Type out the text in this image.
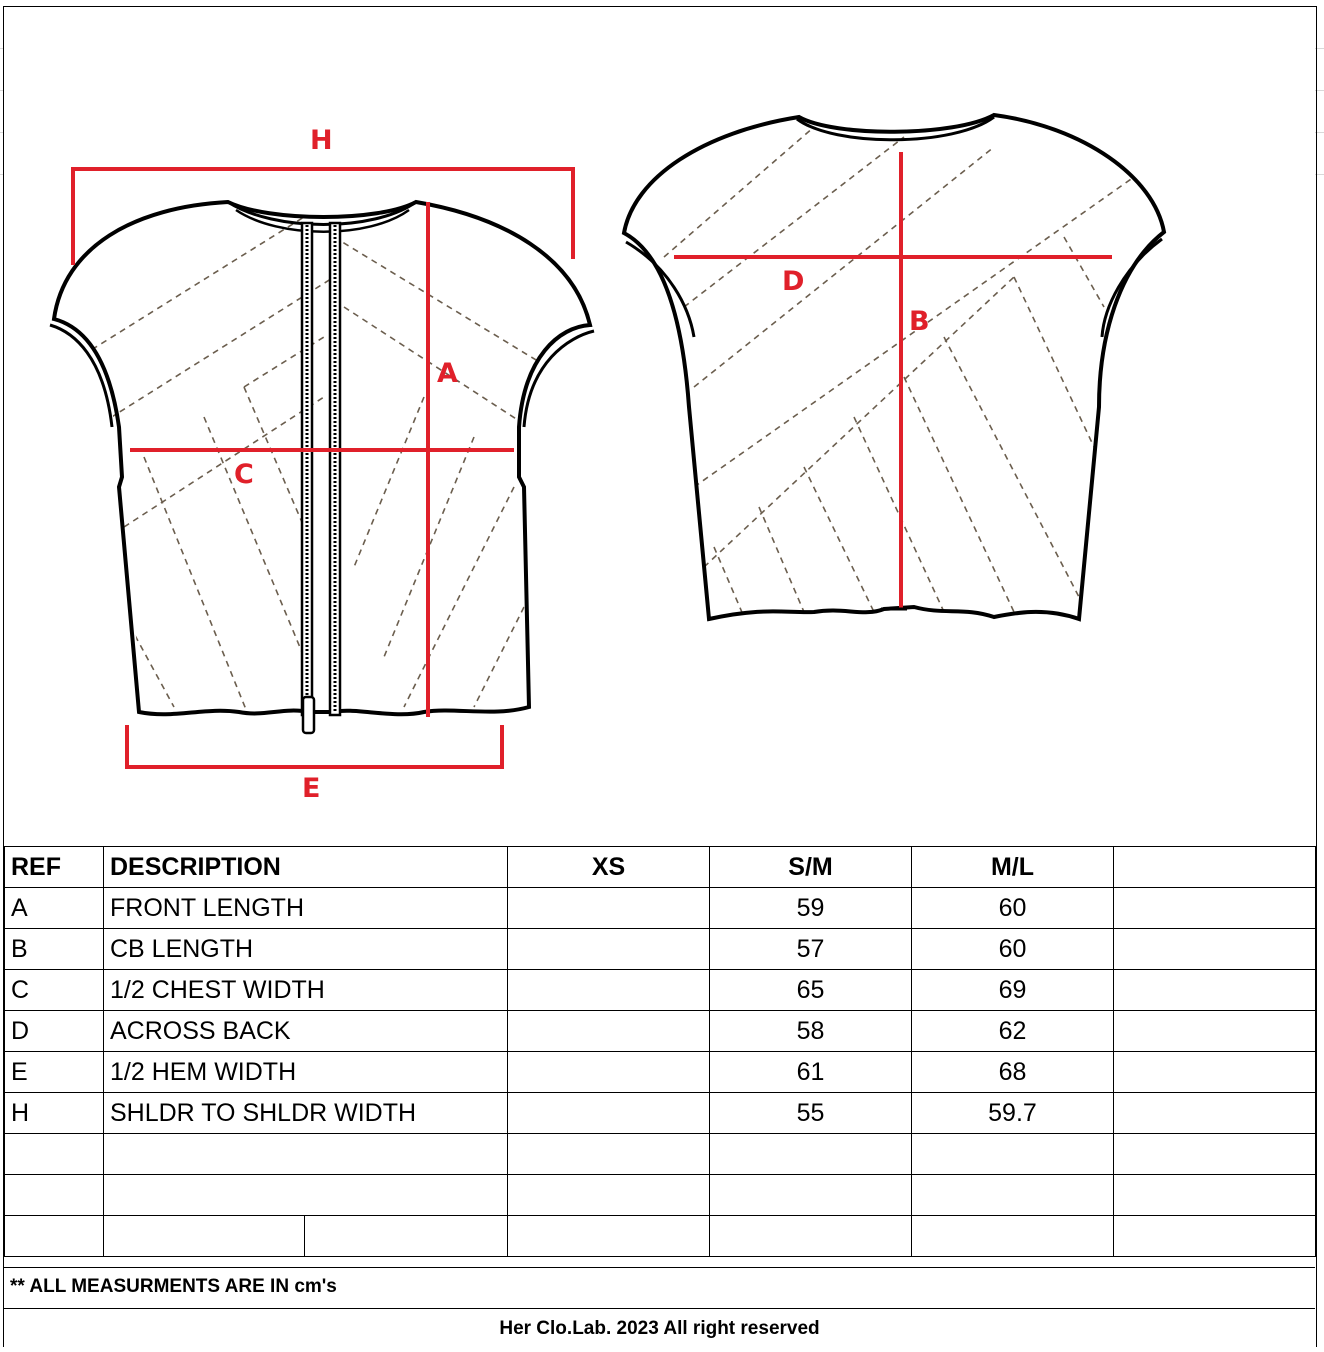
H
A
C
E
D
B
REF	DESCRIPTION	XS	S/M	M/L	
A	FRONT LENGTH		59	60	
B	CB LENGTH		57	60	
C	1/2 CHEST WIDTH		65	69	
D	ACROSS BACK		58	62	
E	1/2 HEM WIDTH		61	68	
H	SHLDR TO SHLDR WIDTH		55	59.7	

** ALL MEASURMENTS ARE IN cm's
Her Clo.Lab. 2023 All right reserved
